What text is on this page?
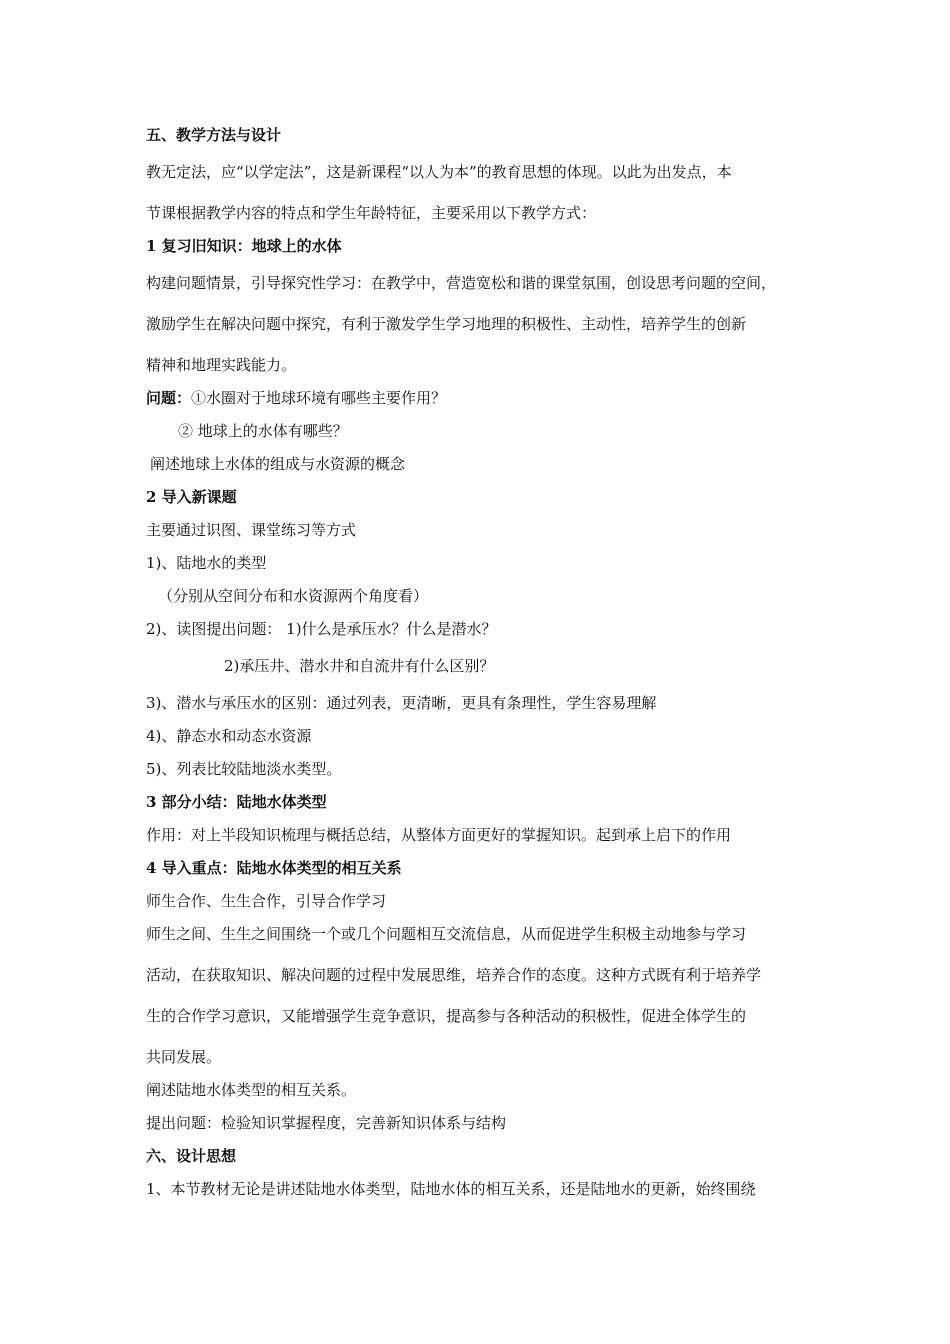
五、教学方法与设计

教无定法，应“以学定法”，这是新课程“以人为本”的教育思想的体现。以此为出发点，本

节课根据教学内容的特点和学生年龄特征，主要采用以下教学方式：

1 复习旧知识：地球上的水体

构建问题情景，引导探究性学习：在教学中，营造宽松和谐的课堂氛围，创设思考问题的空间，

激励学生在解决问题中探究，有利于激发学生学习地理的积极性、主动性，培养学生的创新

精神和地理实践能力。

问题：①水圈对于地球环境有哪些主要作用？

② 地球上的水体有哪些？

阐述地球上水体的组成与水资源的概念

2 导入新课题

主要通过识图、课堂练习等方式

1)、陆地水的类型

（分别从空间分布和水资源两个角度看）

2)、读图提出问题： 1)什么是承压水？什么是潜水？

2)承压井、潜水井和自流井有什么区别？

3)、潜水与承压水的区别：通过列表，更清晰，更具有条理性，学生容易理解

4)、静态水和动态水资源

5)、列表比较陆地淡水类型。

3 部分小结：陆地水体类型

作用：对上半段知识梳理与概括总结，从整体方面更好的掌握知识。起到承上启下的作用

4 导入重点：陆地水体类型的相互关系

师生合作、生生合作，引导合作学习

师生之间、生生之间围绕一个或几个问题相互交流信息，从而促进学生积极主动地参与学习

活动，在获取知识、解决问题的过程中发展思维，培养合作的态度。这种方式既有利于培养学

生的合作学习意识，又能增强学生竞争意识，提高参与各种活动的积极性，促进全体学生的

共同发展。

阐述陆地水体类型的相互关系。

提出问题：检验知识掌握程度，完善新知识体系与结构

六、设计思想

1、本节教材无论是讲述陆地水体类型，陆地水体的相互关系，还是陆地水的更新，始终围绕
